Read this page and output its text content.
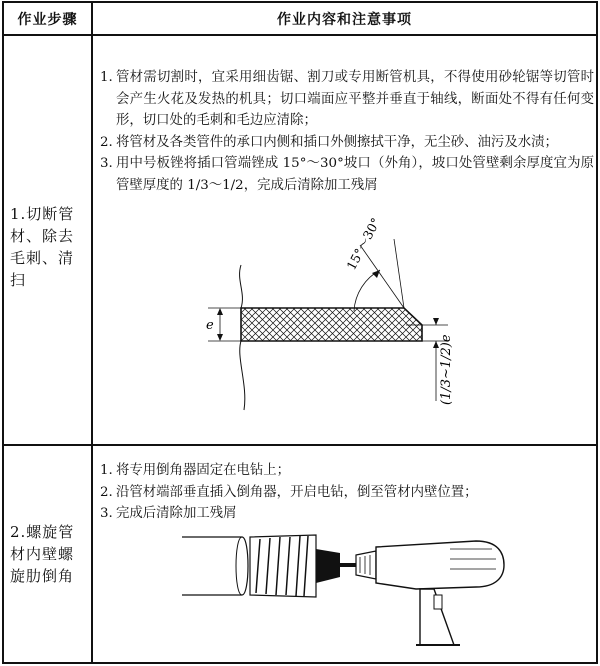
作业步骤	作业内容和注意事项
1.切断管材、除去毛刺、清扫
2.螺旋管材内壁螺旋肋倒角
1. 管材需切割时，宜采用细齿锯、割刀或专用断管机具，不得使用砂轮锯等切管时会产生火花及发热的机具；切口端面应平整并垂直于轴线，断面处不得有任何变形，切口处的毛刺和毛边应清除；
2. 将管材及各类管件的承口内侧和插口外侧擦拭干净，无尘砂、油污及水渍；
3. 用中号板锉将插口管端锉成 15°～30°坡口（外角），坡口处管壁剩余厚度宜为原管壁厚度的 1/3～1/2，完成后清除加工残屑
1. 将专用倒角器固定在电钻上；
2. 沿管材端部垂直插入倒角器，开启电钻，倒至管材内壁位置；
3. 完成后清除加工残屑
e
(1/3~1/2)e
15°～30°
